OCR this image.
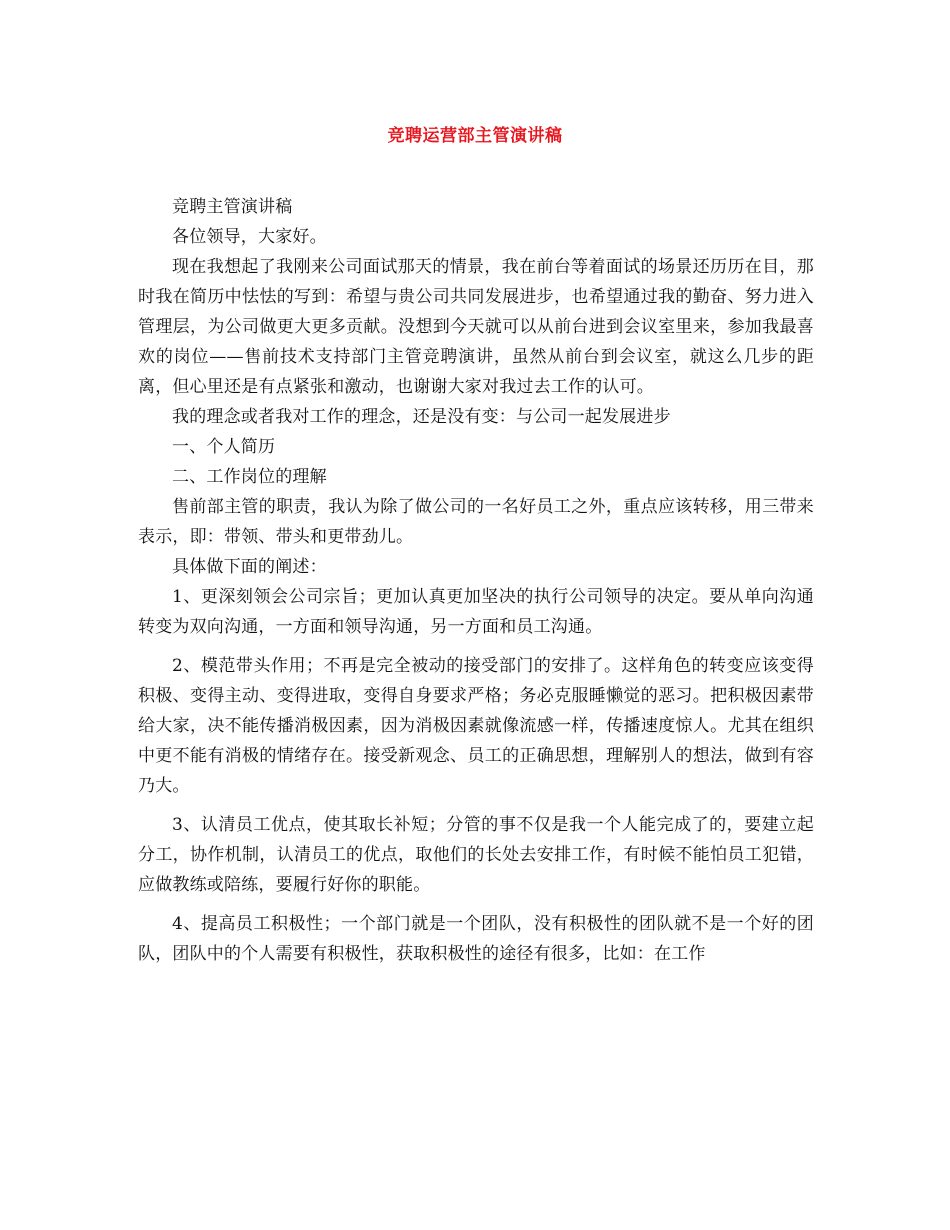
竞聘运营部主管演讲稿

竞聘主管演讲稿

各位领导，大家好。

现在我想起了我刚来公司面试那天的情景，我在前台等着面试的场景还历历在目，那时我在简历中怯怯的写到：希望与贵公司共同发展进步，也希望通过我的勤奋、努力进入管理层，为公司做更大更多贡献。没想到今天就可以从前台进到会议室里来，参加我最喜欢的岗位——售前技术支持部门主管竞聘演讲，虽然从前台到会议室，就这么几步的距离，但心里还是有点紧张和激动，也谢谢大家对我过去工作的认可。

我的理念或者我对工作的理念，还是没有变：与公司一起发展进步

一、个人简历

二、工作岗位的理解

售前部主管的职责，我认为除了做公司的一名好员工之外，重点应该转移，用三带来表示，即：带领、带头和更带劲儿。

具体做下面的阐述：

1、更深刻领会公司宗旨；更加认真更加坚决的执行公司领导的决定。要从单向沟通转变为双向沟通，一方面和领导沟通，另一方面和员工沟通。

2、模范带头作用；不再是完全被动的接受部门的安排了。这样角色的转变应该变得积极、变得主动、变得进取，变得自身要求严格；务必克服睡懒觉的恶习。把积极因素带给大家，决不能传播消极因素，因为消极因素就像流感一样，传播速度惊人。尤其在组织中更不能有消极的情绪存在。接受新观念、员工的正确思想，理解别人的想法，做到有容乃大。

3、认清员工优点，使其取长补短；分管的事不仅是我一个人能完成了的，要建立起分工，协作机制，认清员工的优点，取他们的长处去安排工作，有时候不能怕员工犯错，应做教练或陪练，要履行好你的职能。

4、提高员工积极性；一个部门就是一个团队，没有积极性的团队就不是一个好的团队，团队中的个人需要有积极性，获取积极性的途径有很多，比如：在工作
